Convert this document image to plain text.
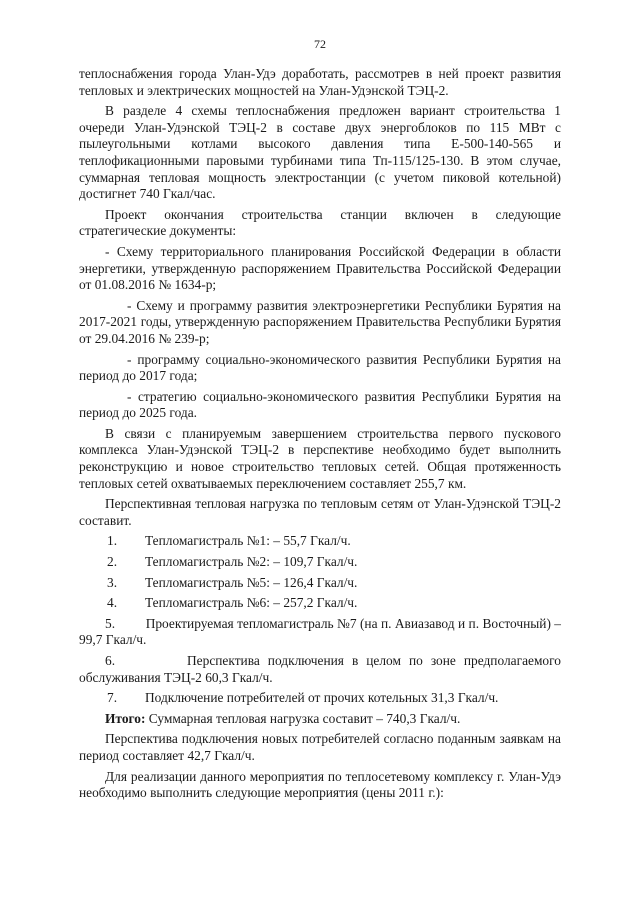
72

теплоснабжения города Улан-Удэ доработать, рассмотрев в ней проект развития тепловых и электрических мощностей на Улан-Удэнской ТЭЦ-2.

В разделе 4 схемы теплоснабжения предложен вариант строительства 1 очереди Улан-Удэнской ТЭЦ-2 в составе двух энергоблоков по 115 МВт с пылеугольными котлами высокого давления типа Е-500-140-565 и теплофикационными паровыми турбинами типа Тп-115/125-130. В этом случае, суммарная тепловая мощность электростанции (с учетом пиковой котельной) достигнет 740 Гкал/час.

Проект окончания строительства станции включен в следующие стратегические документы:

- Схему территориального планирования Российской Федерации в области энергетики, утвержденную распоряжением Правительства Российской Федерации от 01.08.2016 № 1634-р;

- Схему и программу развития электроэнергетики Республики Бурятия на 2017-2021 годы, утвержденную распоряжением Правительства Республики Бурятия от 29.04.2016 № 239-р;

- программу социально-экономического развития Республики Бурятия на период до 2017 года;

- стратегию социально-экономического развития Республики Бурятия на период до 2025 года.

В связи с планируемым завершением строительства первого пускового комплекса Улан-Удэнской ТЭЦ-2 в перспективе необходимо будет выполнить реконструкцию и новое строительство тепловых сетей. Общая протяженность тепловых сетей охватываемых переключением составляет 255,7 км.

Перспективная тепловая нагрузка по тепловым сетям от Улан-Удэнской ТЭЦ-2 составит.

1.	Тепломагистраль №1: – 55,7 Гкал/ч.
2.	Тепломагистраль №2: – 109,7 Гкал/ч.
3.	Тепломагистраль №5: – 126,4 Гкал/ч.
4.	Тепломагистраль №6: – 257,2 Гкал/ч.

5. Проектируемая тепломагистраль №7 (на п. Авиазавод и п. Восточный) – 99,7 Гкал/ч.

6.	Перспектива подключения в целом по зоне предполагаемого обслуживания ТЭЦ-2 60,3 Гкал/ч.

7.	Подключение потребителей от прочих котельных 31,3 Гкал/ч.

Итого: Суммарная тепловая нагрузка составит – 740,3 Гкал/ч.

Перспектива подключения новых потребителей согласно поданным заявкам на период составляет 42,7 Гкал/ч.

Для реализации данного мероприятия по теплосетевому комплексу г. Улан-Удэ необходимо выполнить следующие мероприятия (цены 2011 г.):
